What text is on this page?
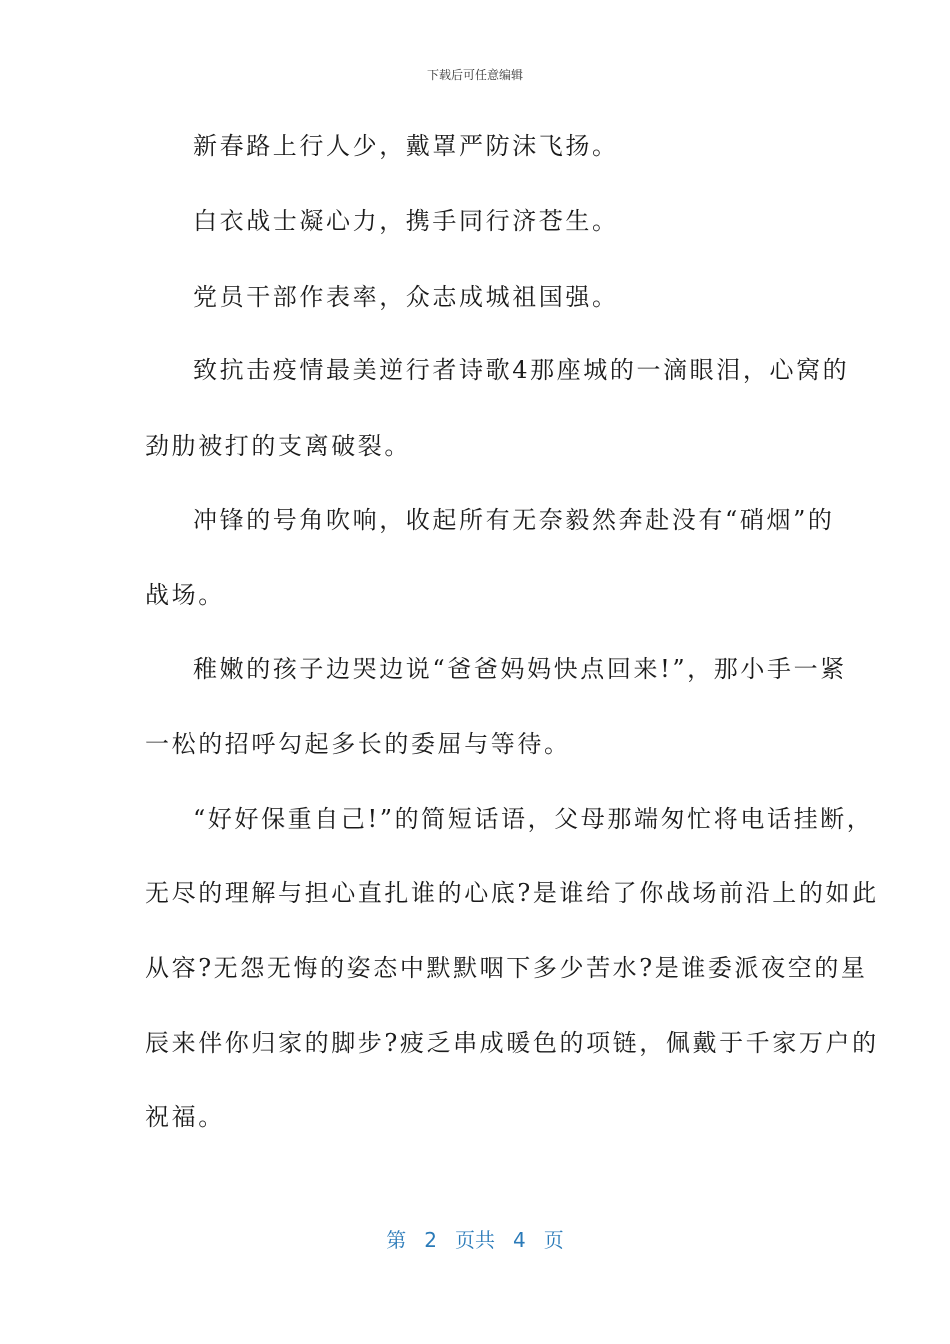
下载后可任意编辑
新春路上行人少，戴罩严防沫飞扬。
白衣战士凝心力，携手同行济苍生。
党员干部作表率，众志成城祖国强。
致抗击疫情最美逆行者诗歌4那座城的一滴眼泪，心窝的
劲肋被打的支离破裂。
冲锋的号角吹响，收起所有无奈毅然奔赴没有“硝烟”的
战场。
稚嫩的孩子边哭边说“爸爸妈妈快点回来!”，那小手一紧
一松的招呼勾起多长的委屈与等待。
“好好保重自己!”的简短话语，父母那端匆忙将电话挂断，
无尽的理解与担心直扎谁的心底?是谁给了你战场前沿上的如此
从容?无怨无悔的姿态中默默咽下多少苦水?是谁委派夜空的星
辰来伴你归家的脚步?疲乏串成暖色的项链，佩戴于千家万户的
祝福。
第 2 页共 4 页
